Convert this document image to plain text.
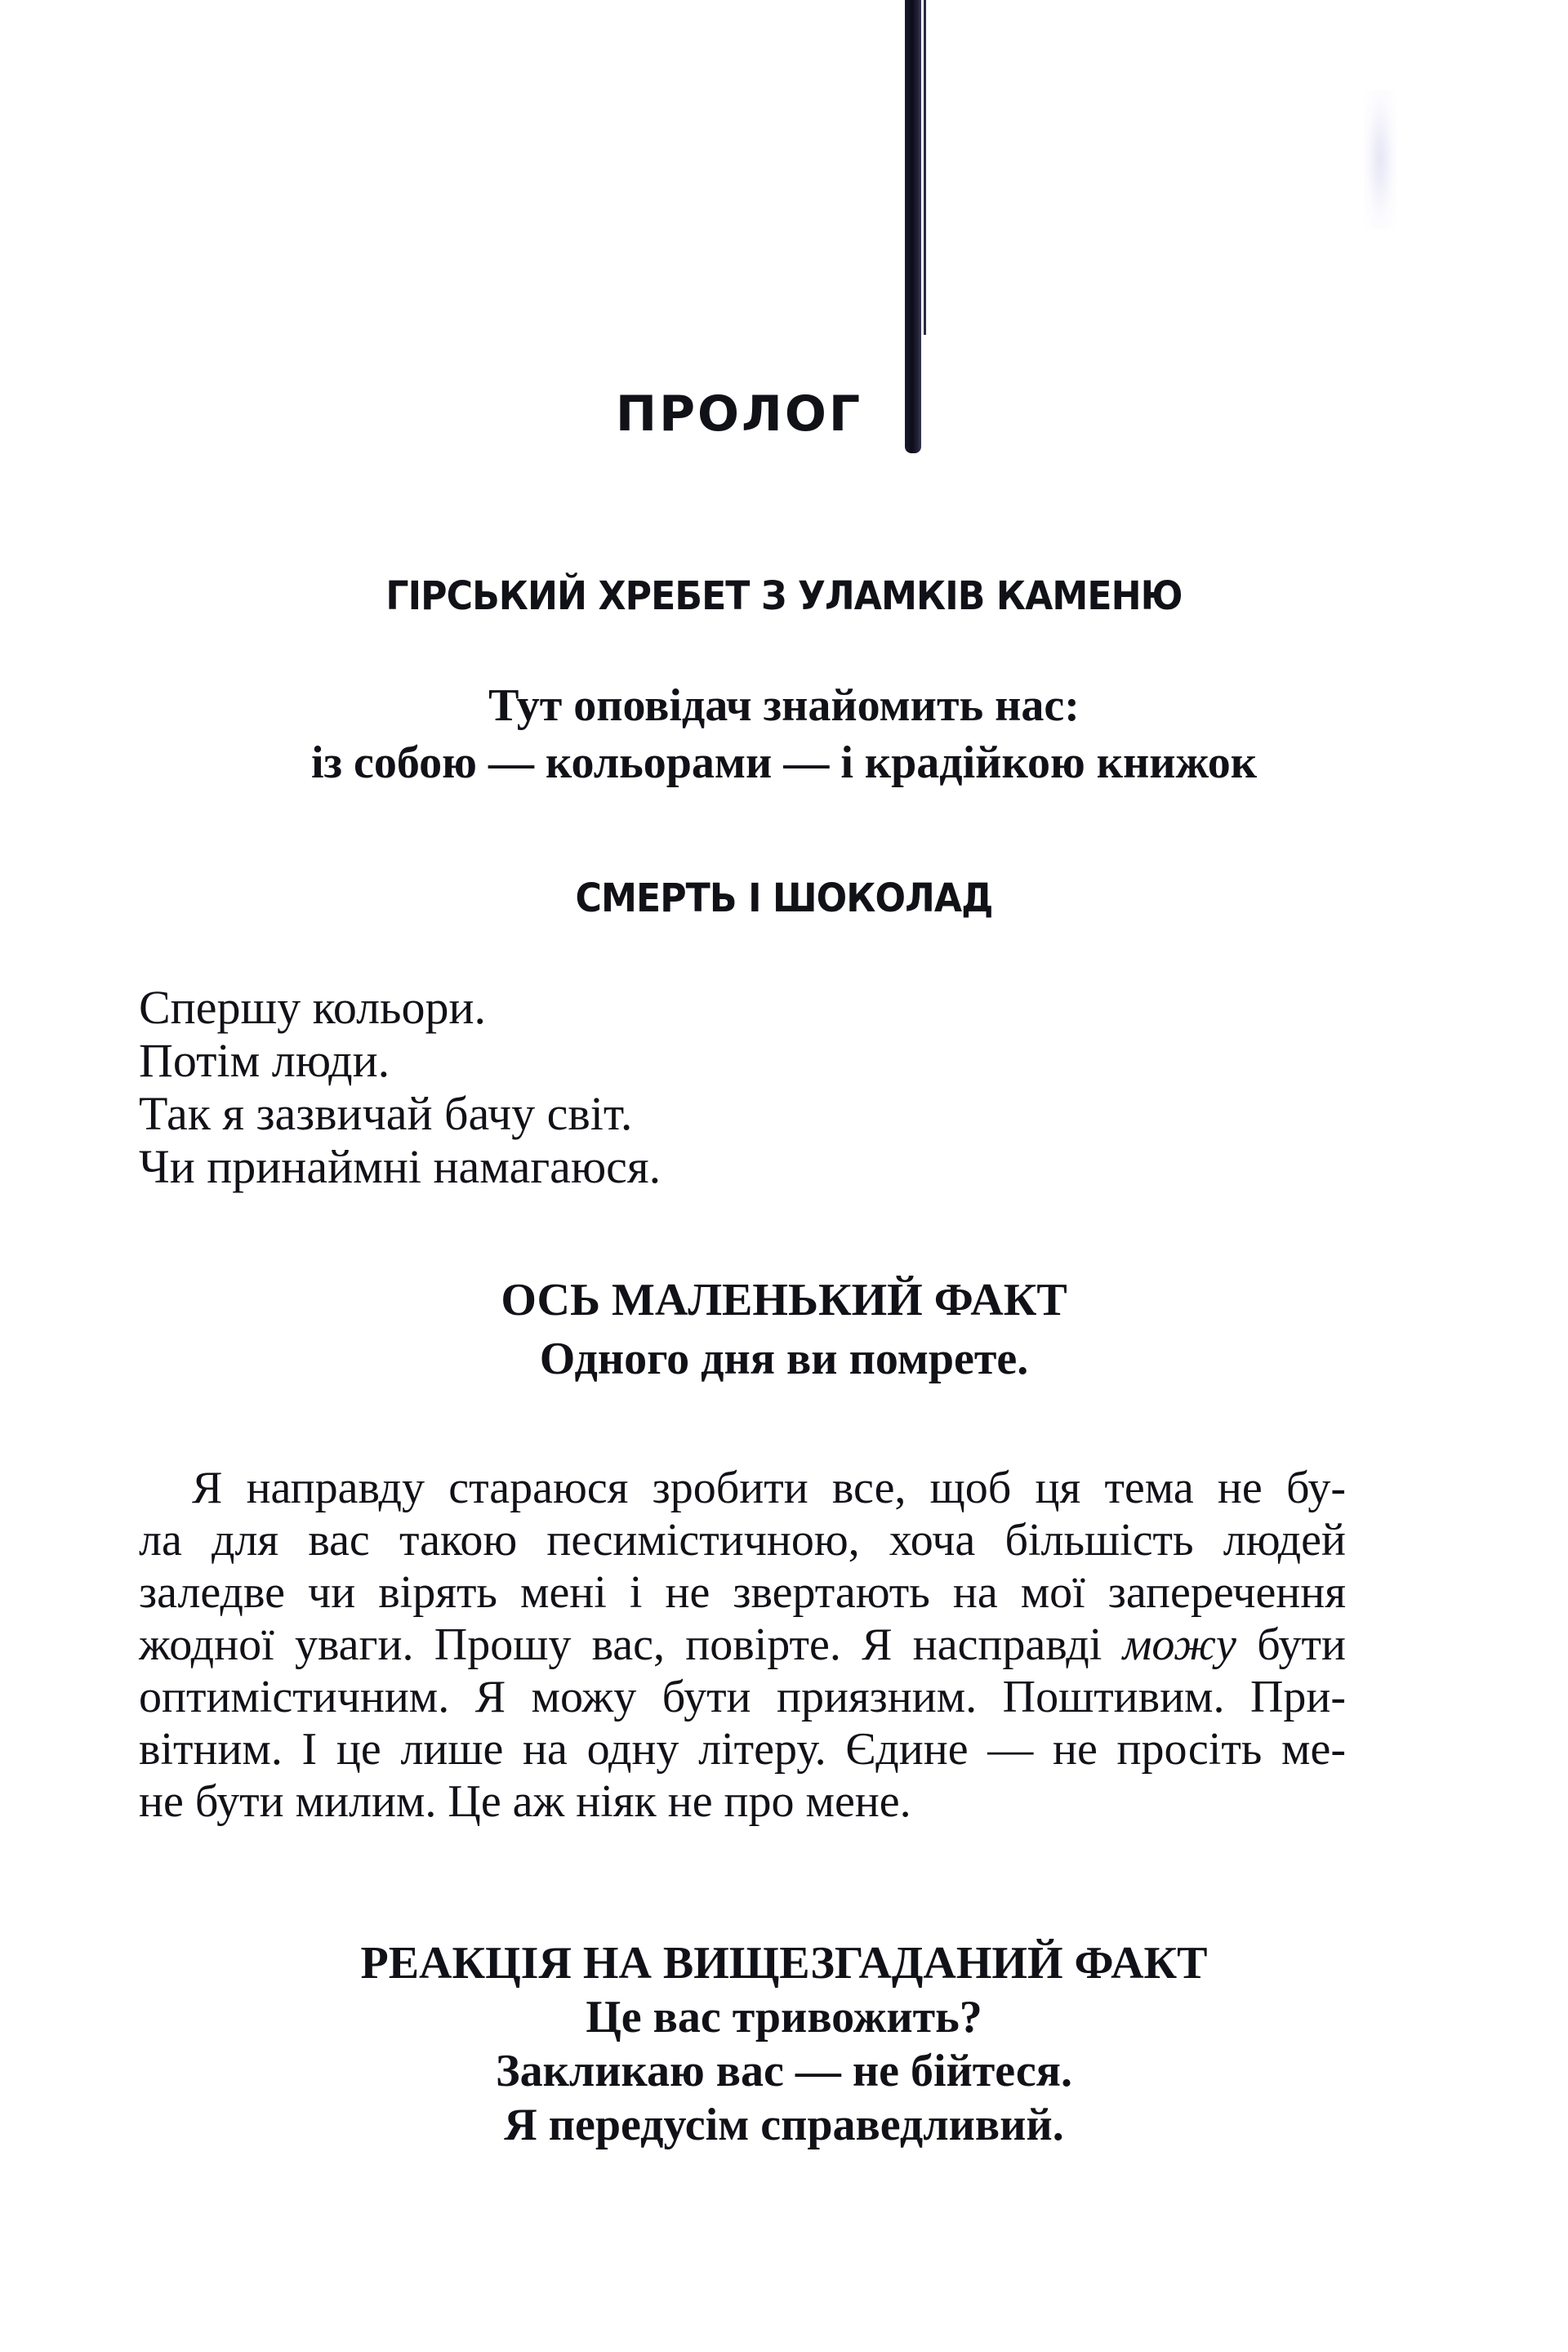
ПРОЛОГ
ГІРСЬКИЙ ХРЕБЕТ З УЛАМКІВ КАМЕНЮ
Тут оповідач знайомить нас:
із собою — кольорами — і крадійкою книжок
СМЕРТЬ І ШОКОЛАД
Спершу кольори.
Потім люди.
Так я зазвичай бачу світ.
Чи принаймні намагаюся.
ОСЬ МАЛЕНЬКИЙ ФАКТ
Одного дня ви помрете.
Я направду стараюся зробити все, щоб ця тема не бу-
ла для вас такою песимістичною, хоча більшість людей
заледве чи вірять мені і не звертають на мої заперечення
жодної уваги. Прошу вас, повірте. Я насправді можу бути
оптимістичним. Я можу бути приязним. Поштивим. При-
вітним. І це лише на одну літеру. Єдине — не просіть ме-
не бути милим. Це аж ніяк не про мене.
РЕАКЦІЯ НА ВИЩЕЗГАДАНИЙ ФАКТ
Це вас тривожить?
Закликаю вас — не бійтеся.
Я передусім справедливий.
